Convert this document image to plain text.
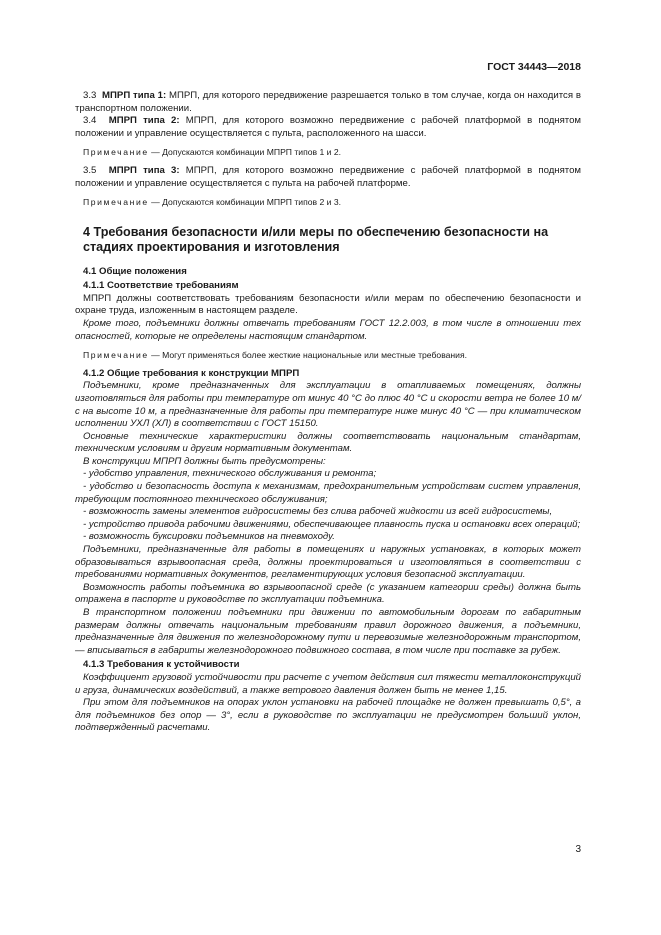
ГОСТ 34443—2018

3.3 МПРП типа 1: МПРП, для которого передвижение разрешается только в том случае, когда он находится в транспортном положении.

3.4 МПРП типа 2: МПРП, для которого возможно передвижение с рабочей платформой в поднятом положении и управление осуществляется с пульта, расположенного на шасси.

Примечание — Допускаются комбинации МПРП типов 1 и 2.

3.5 МПРП типа 3: МПРП, для которого возможно передвижение с рабочей платформой в поднятом положении и управление осуществляется с пульта на рабочей платформе.

Примечание — Допускаются комбинации МПРП типов 2 и 3.

4 Требования безопасности и/или меры по обеспечению безопасности на стадиях проектирования и изготовления
4.1 Общие положения
4.1.1 Соответствие требованиям

МПРП должны соответствовать требованиям безопасности и/или мерам по обеспечению безопасности и охране труда, изложенным в настоящем разделе.

Кроме того, подъемники должны отвечать требованиям ГОСТ 12.2.003, в том числе в отношении тех опасностей, которые не определены настоящим стандартом.

Примечание — Могут применяться более жесткие национальные или местные требования.

4.1.2 Общие требования к конструкции МПРП

Подъемники, кроме предназначенных для эксплуатации в отапливаемых помещениях, должны изготовляться для работы при температуре от минус 40 °С до плюс 40 °С и скорости ветра не более 10 м/с на высоте 10 м, а предназначенные для работы при температуре ниже минус 40 °С — при климатическом исполнении УХЛ (ХЛ) в соответствии с ГОСТ 15150.

Основные технические характеристики должны соответствовать национальным стандартам, техническим условиям и другим нормативным документам.

В конструкции МПРП должны быть предусмотрены:

- удобство управления, технического обслуживания и ремонта;

- удобство и безопасность доступа к механизмам, предохранительным устройствам систем управления, требующим постоянного технического обслуживания;

- возможность замены элементов гидросистемы без слива рабочей жидкости из всей гидросистемы,

- устройство привода рабочими движениями, обеспечивающее плавность пуска и остановки всех операций;

- возможность буксировки подъемников на пневмоходу.

Подъемники, предназначенные для работы в помещениях и наружных установках, в которых может образовываться взрывоопасная среда, должны проектироваться и изготовляться в соответствии с требованиями нормативных документов, регламентирующих условия безопасной эксплуатации.

Возможность работы подъемника во взрывоопасной среде (с указанием категории среды) должна быть отражена в паспорте и руководстве по эксплуатации подъемника.

В транспортном положении подъемники при движении по автомобильным дорогам по габаритным размерам должны отвечать национальным требованиям правил дорожного движения, а подъемники, предназначенные для движения по железнодорожному пути и перевозимые железнодорожным транспортом, — вписываться в габариты железнодорожного подвижного состава, в том числе при поставке за рубеж.

4.1.3 Требования к устойчивости

Коэффициент грузовой устойчивости при расчете с учетом действия сил тяжести металлоконструкций и груза, динамических воздействий, а также ветрового давления должен быть не менее 1,15.

При этом для подъемников на опорах уклон установки на рабочей площадке не должен превышать 0,5°, а для подъемников без опор — 3°, если в руководстве по эксплуатации не предусмотрен больший уклон, подтвержденный расчетами.

3
